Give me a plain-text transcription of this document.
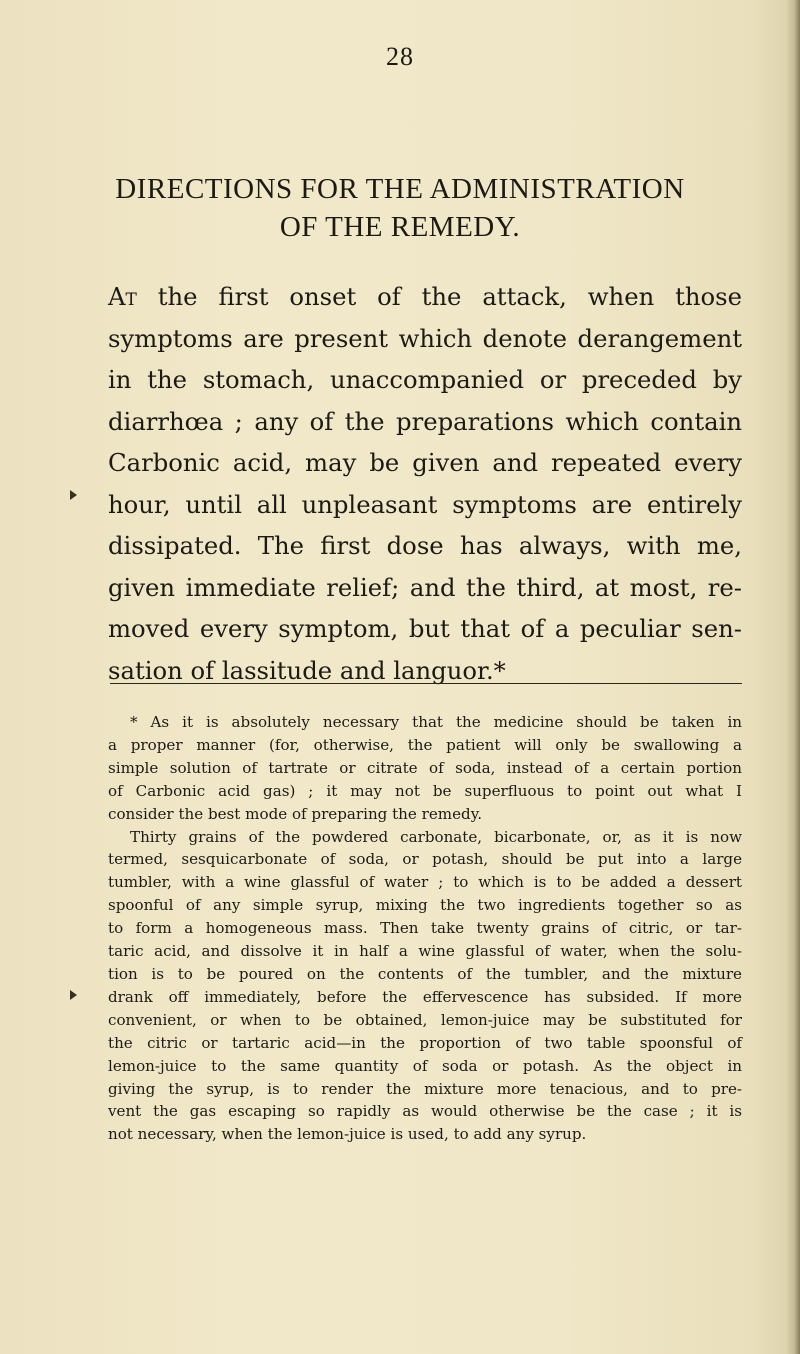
28
DIRECTIONS FOR THE ADMINISTRATION
OF THE REMEDY.
At the first onset of the attack, when those
symptoms are present which denote derangement
in the stomach, unaccompanied or preceded by
diarrhœa ; any of the preparations which contain
Carbonic acid, may be given and repeated every
hour, until all unpleasant symptoms are entirely
dissipated. The first dose has always, with me,
given immediate relief; and the third, at most, re-
moved every symptom, but that of a peculiar sen-
sation of lassitude and languor.*
* As it is absolutely necessary that the medicine should be taken in
a proper manner (for, otherwise, the patient will only be swallowing a
simple solution of tartrate or citrate of soda, instead of a certain portion
of Carbonic acid gas) ; it may not be superfluous to point out what I
consider the best mode of preparing the remedy.
Thirty grains of the powdered carbonate, bicarbonate, or, as it is now
termed, sesquicarbonate of soda, or potash, should be put into a large
tumbler, with a wine glassful of water ; to which is to be added a dessert
spoonful of any simple syrup, mixing the two ingredients together so as
to form a homogeneous mass. Then take twenty grains of citric, or tar-
taric acid, and dissolve it in half a wine glassful of water, when the solu-
tion is to be poured on the contents of the tumbler, and the mixture
drank off immediately, before the effervescence has subsided. If more
convenient, or when to be obtained, lemon-juice may be substituted for
the citric or tartaric acid—in the proportion of two table spoonsful of
lemon-juice to the same quantity of soda or potash. As the object in
giving the syrup, is to render the mixture more tenacious, and to pre-
vent the gas escaping so rapidly as would otherwise be the case ; it is
not necessary, when the lemon-juice is used, to add any syrup.
